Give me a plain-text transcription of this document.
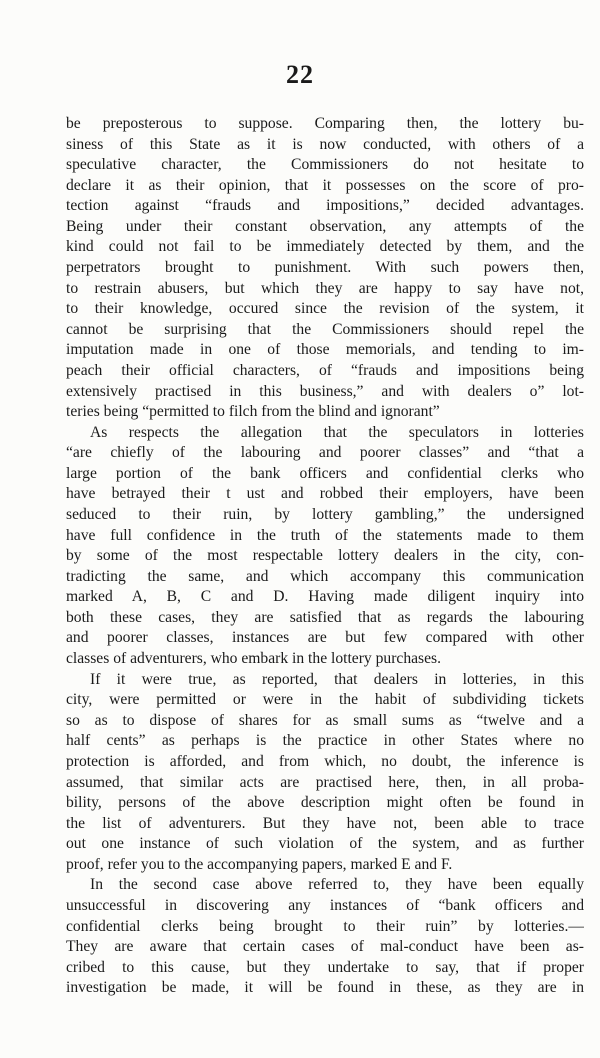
22
be preposterous to suppose. Comparing then, the lottery bu-
siness of this State as it is now conducted, with others of a
speculative character, the Commissioners do not hesitate to
declare it as their opinion, that it possesses on the score of pro-
tection against “frauds and impositions,” decided advantages.
Being under their constant observation, any attempts of the
kind could not fail to be immediately detected by them, and the
perpetrators brought to punishment. With such powers then,
to restrain abusers, but which they are happy to say have not,
to their knowledge, occured since the revision of the system, it
cannot be surprising that the Commissioners should repel the
imputation made in one of those memorials, and tending to im-
peach their official characters, of “frauds and impositions being
extensively practised in this business,” and with dealers o” lot-
teries being “permitted to filch from the blind and ignorant”
As respects the allegation that the speculators in lotteries
“are chiefly of the labouring and poorer classes” and “that a
large portion of the bank officers and confidential clerks who
have betrayed their t ust and robbed their employers, have been
seduced to their ruin, by lottery gambling,” the undersigned
have full confidence in the truth of the statements made to them
by some of the most respectable lottery dealers in the city, con-
tradicting the same, and which accompany this communication
marked A, B, C and D. Having made diligent inquiry into
both these cases, they are satisfied that as regards the labouring
and poorer classes, instances are but few compared with other
classes of adventurers, who embark in the lottery purchases.
If it were true, as reported, that dealers in lotteries, in this
city, were permitted or were in the habit of subdividing tickets
so as to dispose of shares for as small sums as “twelve and a
half cents” as perhaps is the practice in other States where no
protection is afforded, and from which, no doubt, the inference is
assumed, that similar acts are practised here, then, in all proba-
bility, persons of the above description might often be found in
the list of adventurers. But they have not, been able to trace
out one instance of such violation of the system, and as further
proof, refer you to the accompanying papers, marked E and F.
In the second case above referred to, they have been equally
unsuccessful in discovering any instances of “bank officers and
confidential clerks being brought to their ruin” by lotteries.—
They are aware that certain cases of mal-conduct have been as-
cribed to this cause, but they undertake to say, that if proper
investigation be made, it will be found in these, as they are in
